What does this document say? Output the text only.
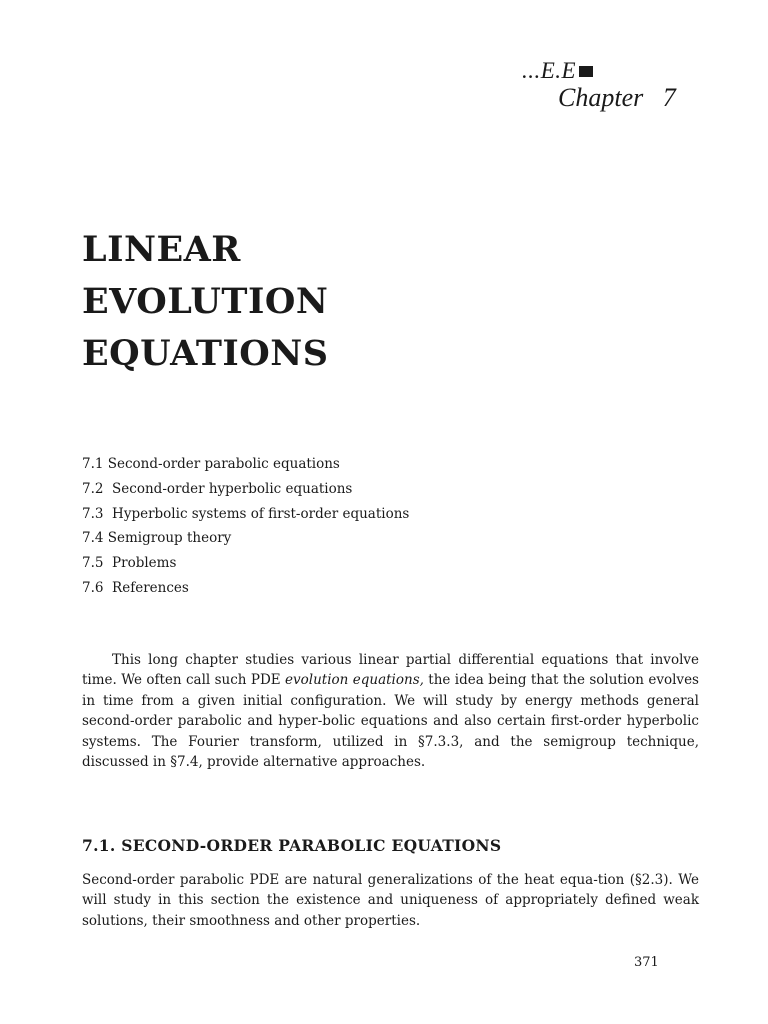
...E.E
Chapter   7
LINEAR
EVOLUTION
EQUATIONS
7.1 Second-order parabolic equations
7.2  Second-order hyperbolic equations
7.3  Hyperbolic systems of first-order equations
7.4 Semigroup theory
7.5  Problems
7.6  References
This long chapter studies various linear partial differential equations that involve time. We often call such PDE evolution equations, the idea being that the solution evolves in time from a given initial configuration. We will study by energy methods general second-order parabolic and hyper-bolic equations and also certain first-order hyperbolic systems. The Fourier transform, utilized in §7.3.3, and the semigroup technique, discussed in §7.4, provide alternative approaches.
7.1. SECOND-ORDER PARABOLIC EQUATIONS
Second-order parabolic PDE are natural generalizations of the heat equa-tion (§2.3). We will study in this section the existence and uniqueness of appropriately defined weak solutions, their smoothness and other properties.
371
